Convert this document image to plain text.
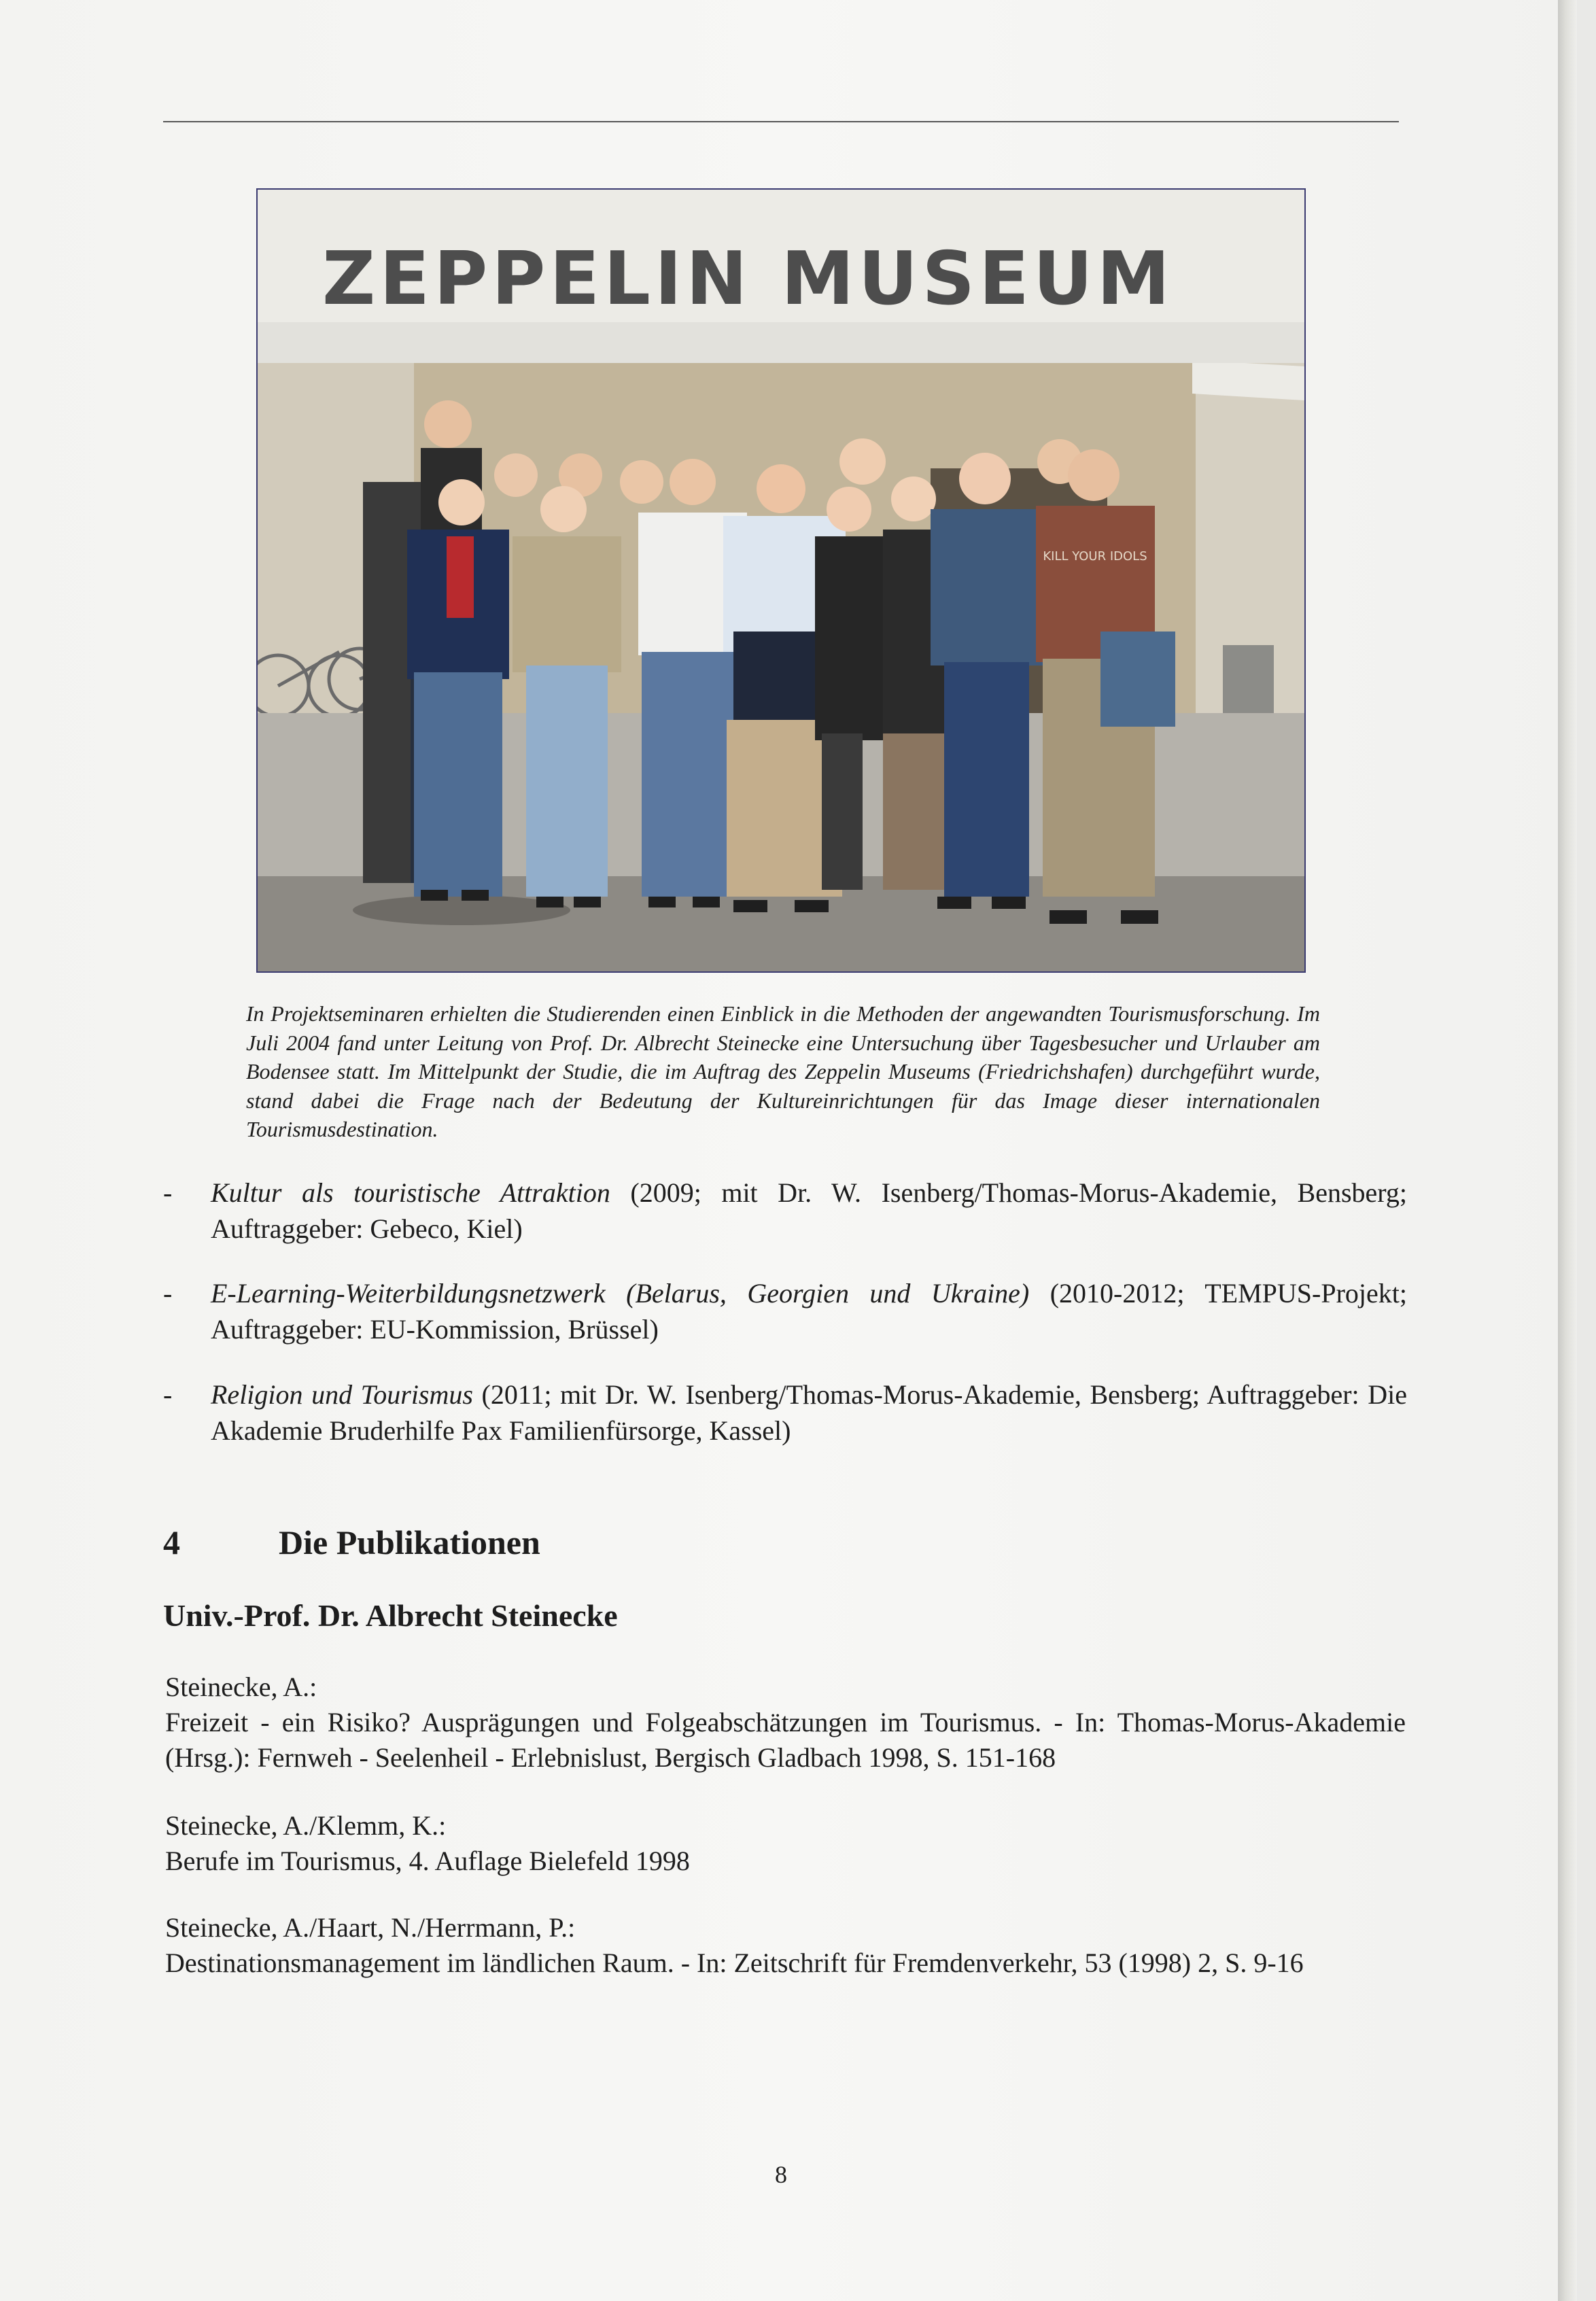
ZEPPELIN MUSEUM
KILL YOUR IDOLS
In Projektseminaren erhielten die Studierenden einen Einblick in die Methoden der angewandten Tourismusforschung. Im Juli 2004 fand unter Leitung von Prof. Dr. Albrecht Steinecke eine Untersuchung über Tagesbesucher und Urlauber am Bodensee statt. Im Mittelpunkt der Studie, die im Auftrag des Zeppelin Museums (Friedrichshafen) durchgeführt wurde, stand dabei die Frage nach der Bedeutung der Kultureinrichtungen für das Image dieser internationalen Tourismusdestination.
- Kultur als touristische Attraktion (2009; mit Dr. W. Isenberg/Thomas-Morus-Akademie, Bensberg; Auftraggeber: Gebeco, Kiel)
- E-Learning-Weiterbildungsnetzwerk (Belarus, Georgien und Ukraine) (2010-2012; TEMPUS-Projekt; Auftraggeber: EU-Kommission, Brüssel)
- Religion und Tourismus (2011; mit Dr. W. Isenberg/Thomas-Morus-Akademie, Bensberg; Auftraggeber: Die Akademie Bruderhilfe Pax Familienfürsorge, Kassel)
4	Die Publikationen
Univ.-Prof. Dr. Albrecht Steinecke
Steinecke, A.:
Freizeit - ein Risiko? Ausprägungen und Folgeabschätzungen im Tourismus. - In: Thomas-Morus-Akademie (Hrsg.): Fernweh - Seelenheil - Erlebnislust, Bergisch Gladbach 1998, S. 151-168
Steinecke, A./Klemm, K.:
Berufe im Tourismus, 4. Auflage Bielefeld 1998
Steinecke, A./Haart, N./Herrmann, P.:
Destinationsmanagement im ländlichen Raum. - In: Zeitschrift für Fremdenverkehr, 53 (1998) 2, S. 9-16
8
